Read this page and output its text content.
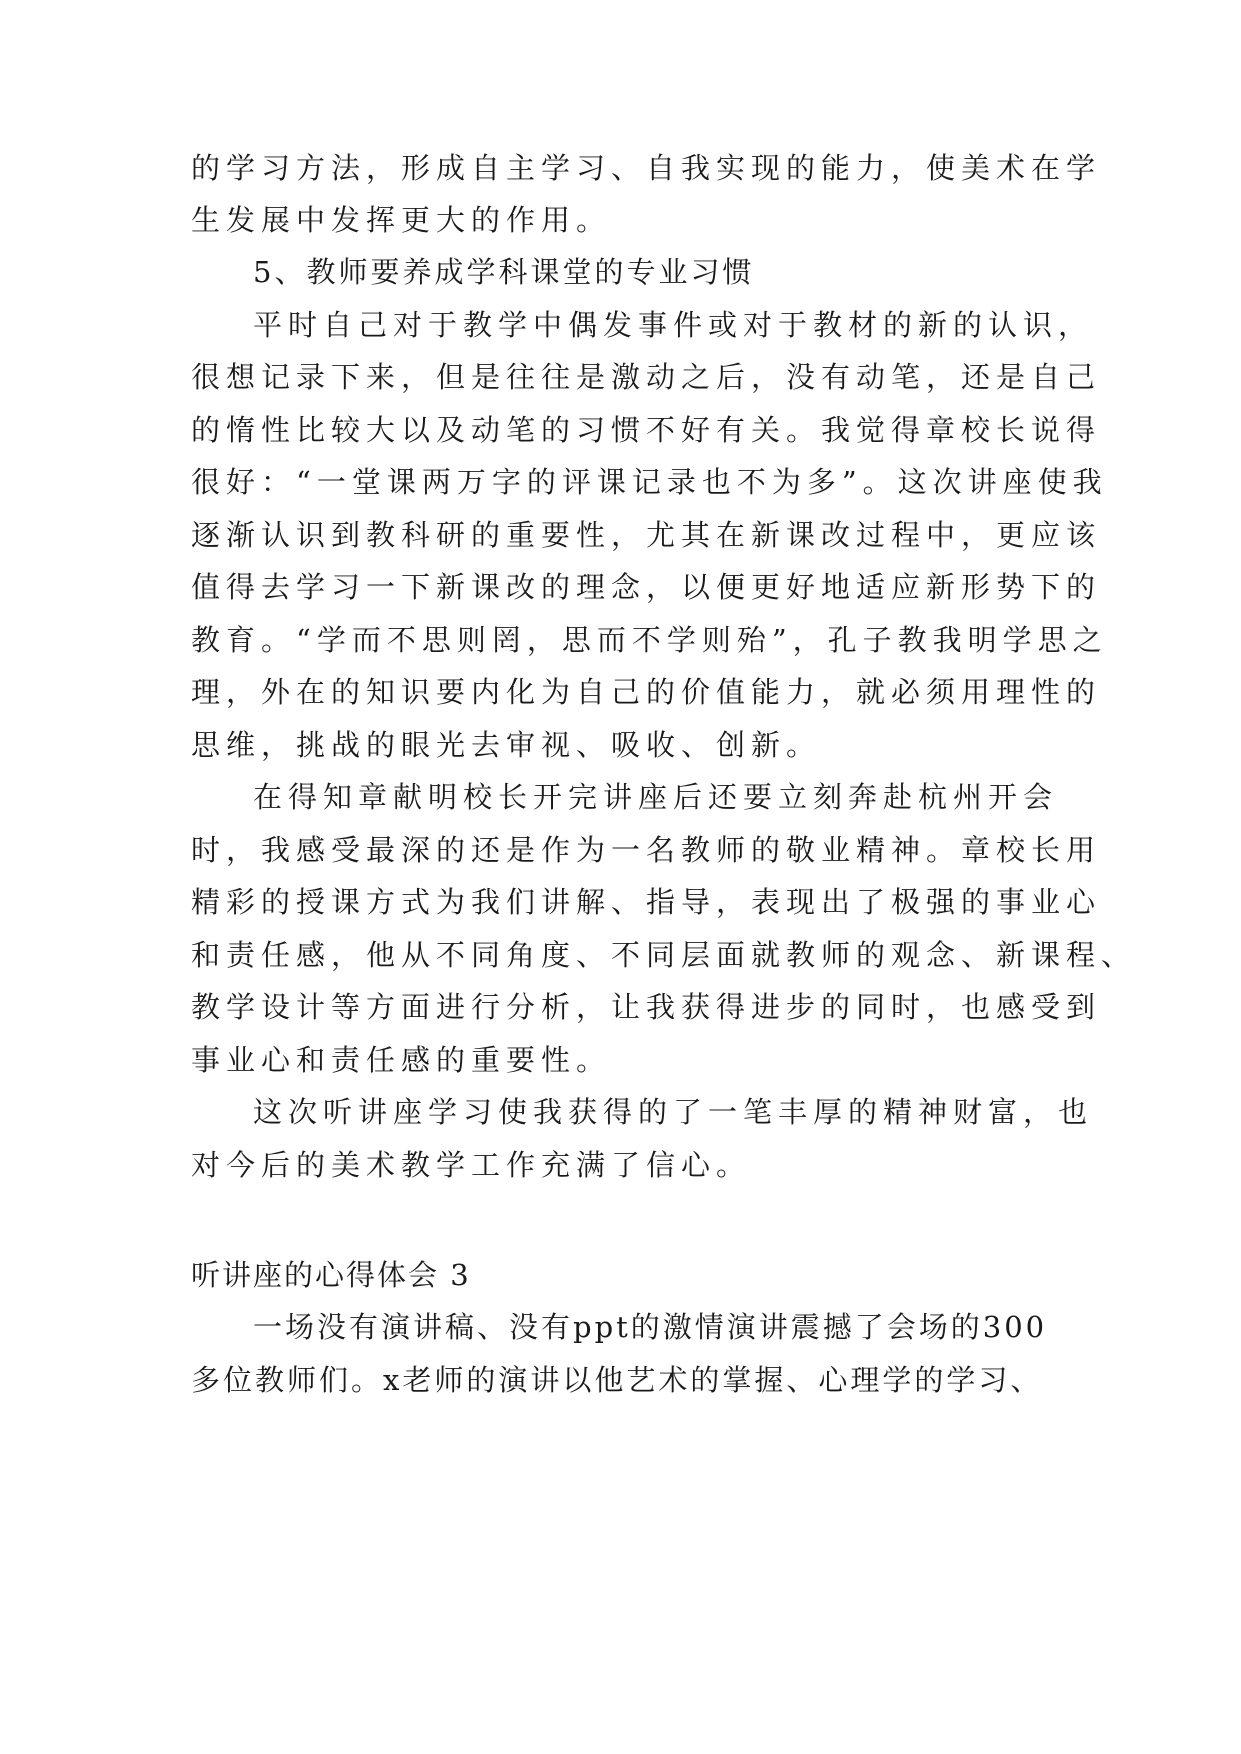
的学习方法，形成自主学习、自我实现的能力，使美术在学
生发展中发挥更大的作用。
5、教师要养成学科课堂的专业习惯
平时自己对于教学中偶发事件或对于教材的新的认识，
很想记录下来，但是往往是激动之后，没有动笔，还是自己
的惰性比较大以及动笔的习惯不好有关。我觉得章校长说得
很好：“一堂课两万字的评课记录也不为多”。这次讲座使我
逐渐认识到教科研的重要性，尤其在新课改过程中，更应该
值得去学习一下新课改的理念，以便更好地适应新形势下的
教育。“学而不思则罔，思而不学则殆”，孔子教我明学思之
理，外在的知识要内化为自己的价值能力，就必须用理性的
思维，挑战的眼光去审视、吸收、创新。
在得知章献明校长开完讲座后还要立刻奔赴杭州开会
时，我感受最深的还是作为一名教师的敬业精神。章校长用
精彩的授课方式为我们讲解、指导，表现出了极强的事业心
和责任感，他从不同角度、不同层面就教师的观念、新课程、
教学设计等方面进行分析，让我获得进步的同时，也感受到
事业心和责任感的重要性。
这次听讲座学习使我获得的了一笔丰厚的精神财富，也
对今后的美术教学工作充满了信心。
听讲座的心得体会 3
一场没有演讲稿、没有ppt的激情演讲震撼了会场的300
多位教师们。x老师的演讲以他艺术的掌握、心理学的学习、
